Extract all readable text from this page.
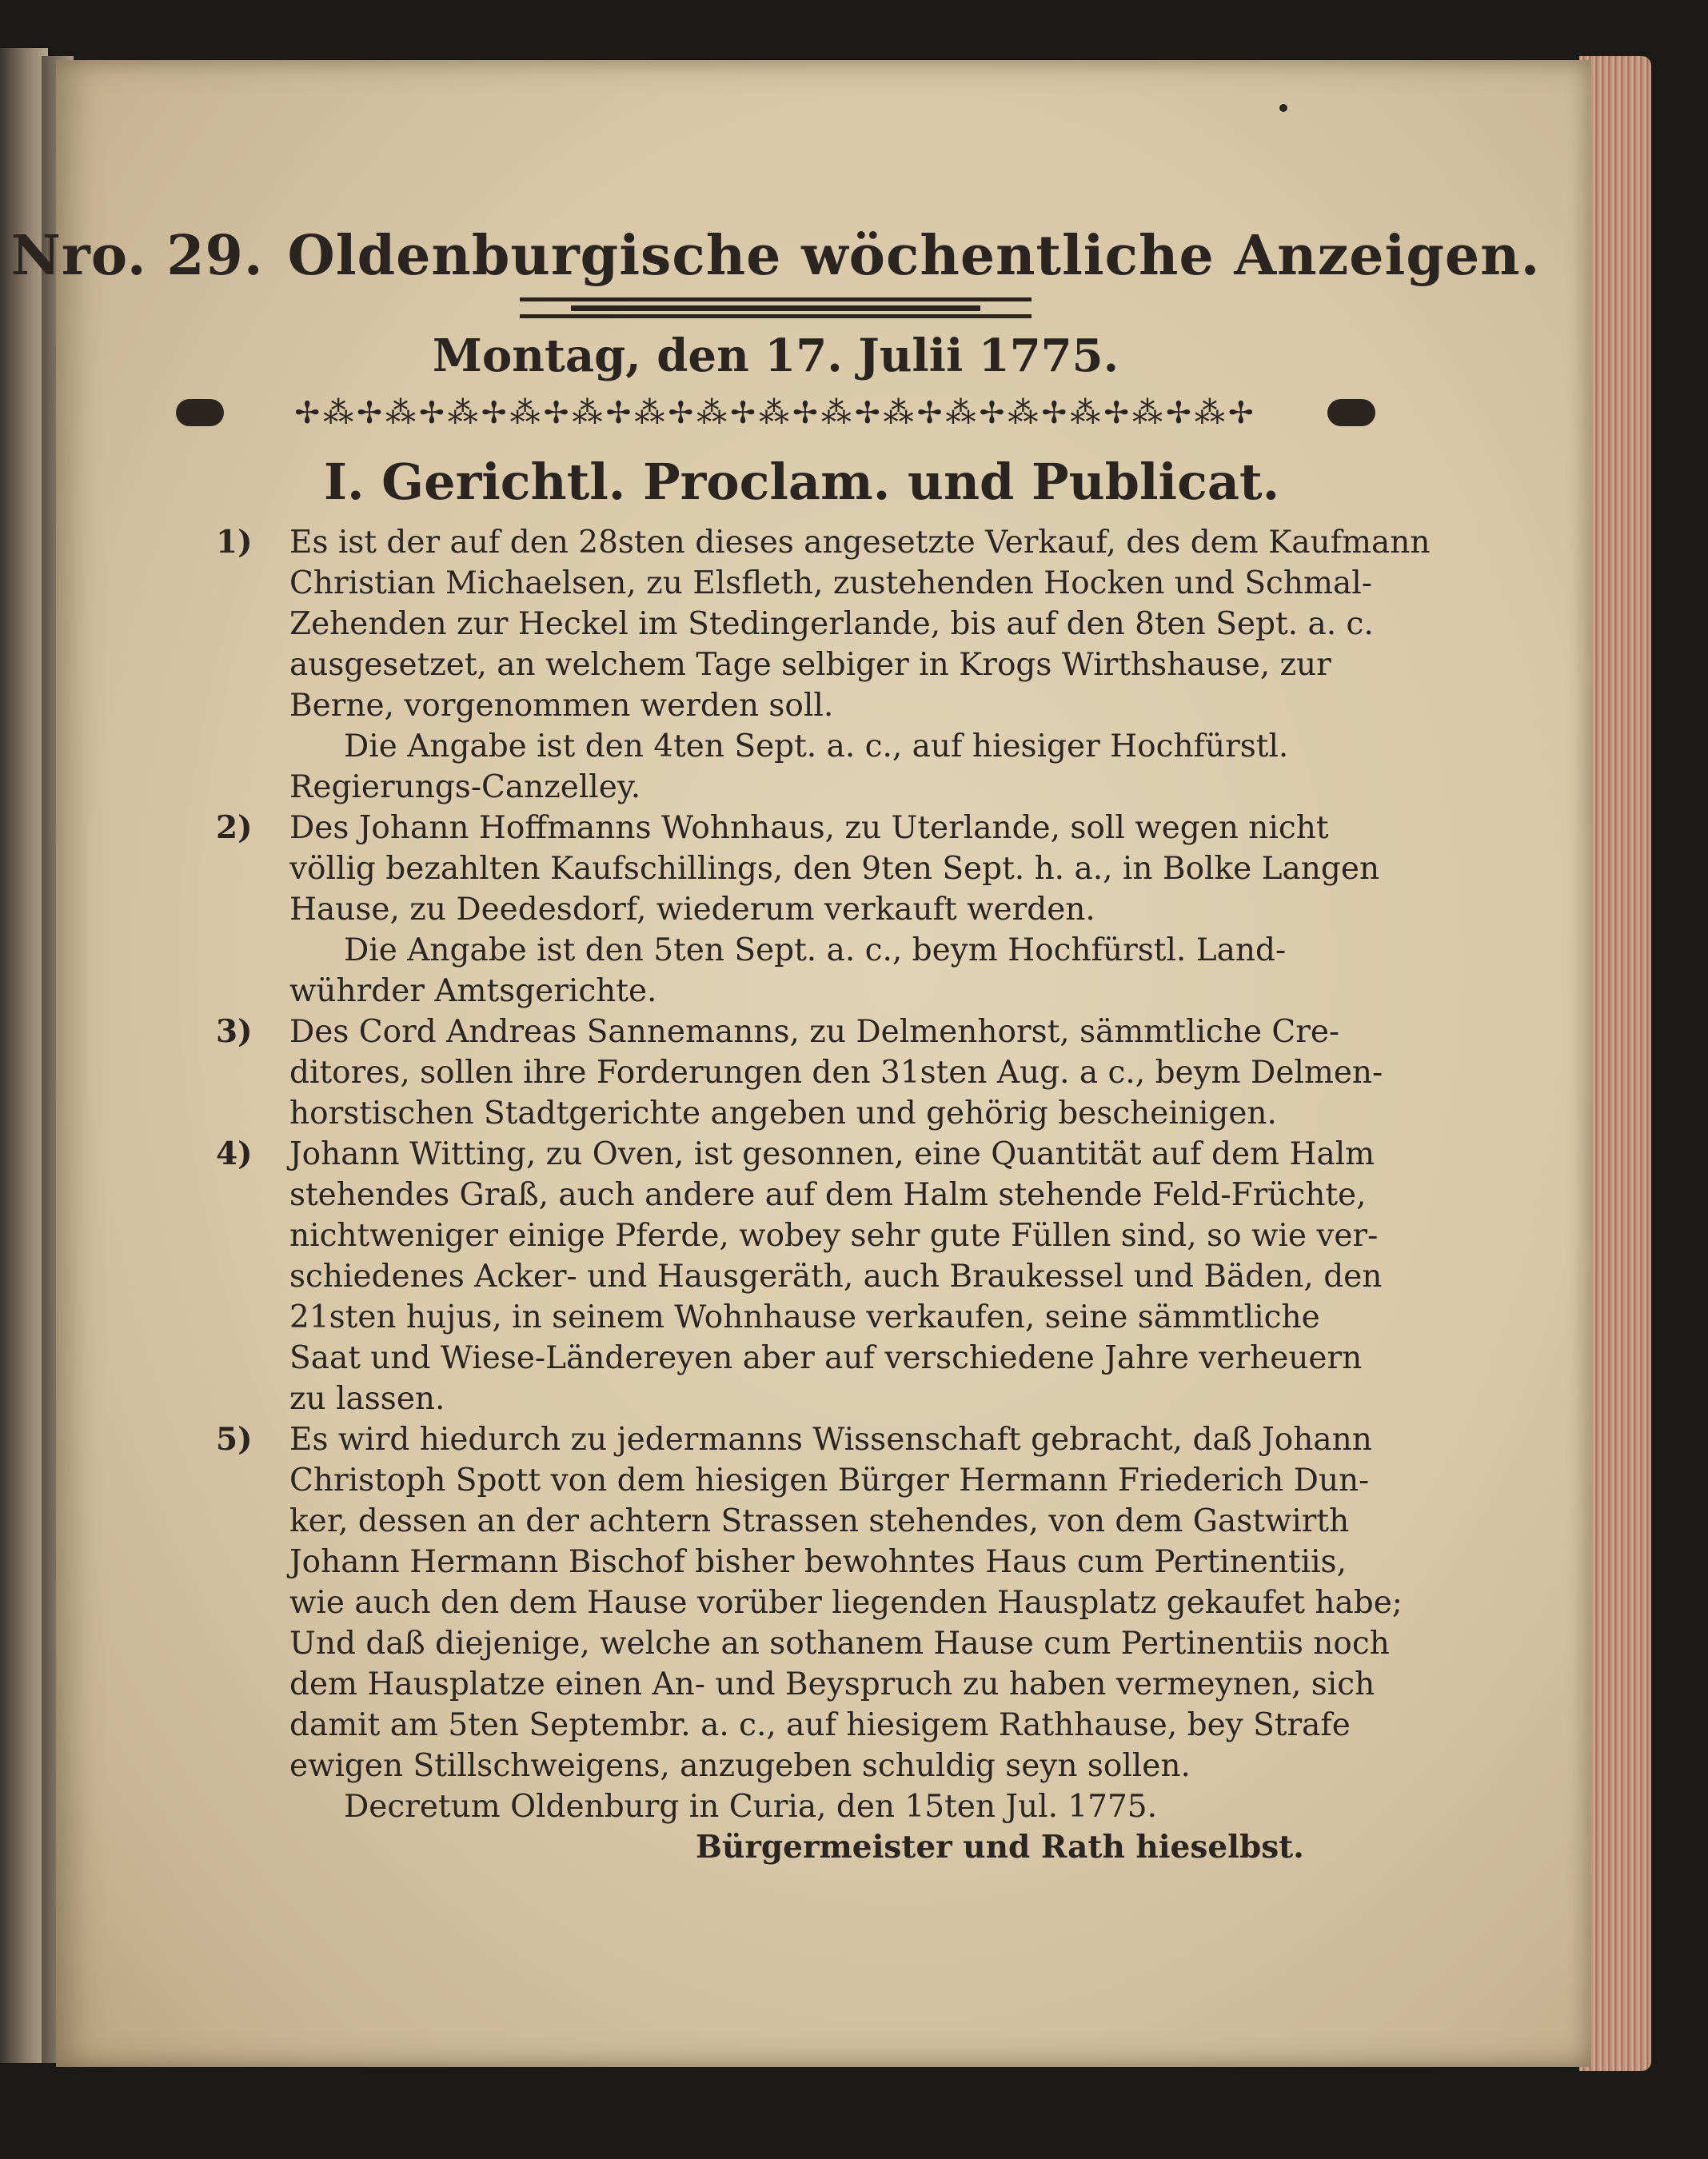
Nro. 29. Oldenburgische wöchentliche Anzeigen.
Montag, den 17. Julii 1775.
✢⁂✢⁂✢⁂✢⁂✢⁂✢⁂✢⁂✢⁂✢⁂✢⁂✢⁂✢⁂✢⁂✢⁂✢⁂✢
I. Gerichtl. Proclam. und Publicat.
1)	Es ist der auf den 28sten dieses angesetzte Verkauf, des dem Kaufmann
Christian Michaelsen, zu Elsfleth, zustehenden Hocken und Schmal-
Zehenden zur Heckel im Stedingerlande, bis auf den 8ten Sept. a. c.
ausgesetzet, an welchem Tage selbiger in Krogs Wirthshause, zur
Berne, vorgenommen werden soll.
Die Angabe ist den 4ten Sept. a. c., auf hiesiger Hochfürstl.
Regierungs-Canzelley.
2)	Des Johann Hoffmanns Wohnhaus, zu Uterlande, soll wegen nicht
völlig bezahlten Kaufschillings, den 9ten Sept. h. a., in Bolke Langen
Hause, zu Deedesdorf, wiederum verkauft werden.
Die Angabe ist den 5ten Sept. a. c., beym Hochfürstl. Land-
wührder Amtsgerichte.
3)	Des Cord Andreas Sannemanns, zu Delmenhorst, sämmtliche Cre-
ditores, sollen ihre Forderungen den 31sten Aug. a c., beym Delmen-
horstischen Stadtgerichte angeben und gehörig bescheinigen.
4)	Johann Witting, zu Oven, ist gesonnen, eine Quantität auf dem Halm
stehendes Graß, auch andere auf dem Halm stehende Feld-Früchte,
nichtweniger einige Pferde, wobey sehr gute Füllen sind, so wie ver-
schiedenes Acker- und Hausgeräth, auch Braukessel und Bäden, den
21sten hujus, in seinem Wohnhause verkaufen, seine sämmtliche
Saat und Wiese-Ländereyen aber auf verschiedene Jahre verheuern
zu lassen.
5)	Es wird hiedurch zu jedermanns Wissenschaft gebracht, daß Johann
Christoph Spott von dem hiesigen Bürger Hermann Friederich Dun-
ker, dessen an der achtern Strassen stehendes, von dem Gastwirth
Johann Hermann Bischof bisher bewohntes Haus cum Pertinentiis,
wie auch den dem Hause vorüber liegenden Hausplatz gekaufet habe;
Und daß diejenige, welche an sothanem Hause cum Pertinentiis noch
dem Hausplatze einen An- und Beyspruch zu haben vermeynen, sich
damit am 5ten Septembr. a. c., auf hiesigem Rathhause, bey Strafe
ewigen Stillschweigens, anzugeben schuldig seyn sollen.
Decretum Oldenburg in Curia, den 15ten Jul. 1775.
Bürgermeister und Rath hieselbst.
